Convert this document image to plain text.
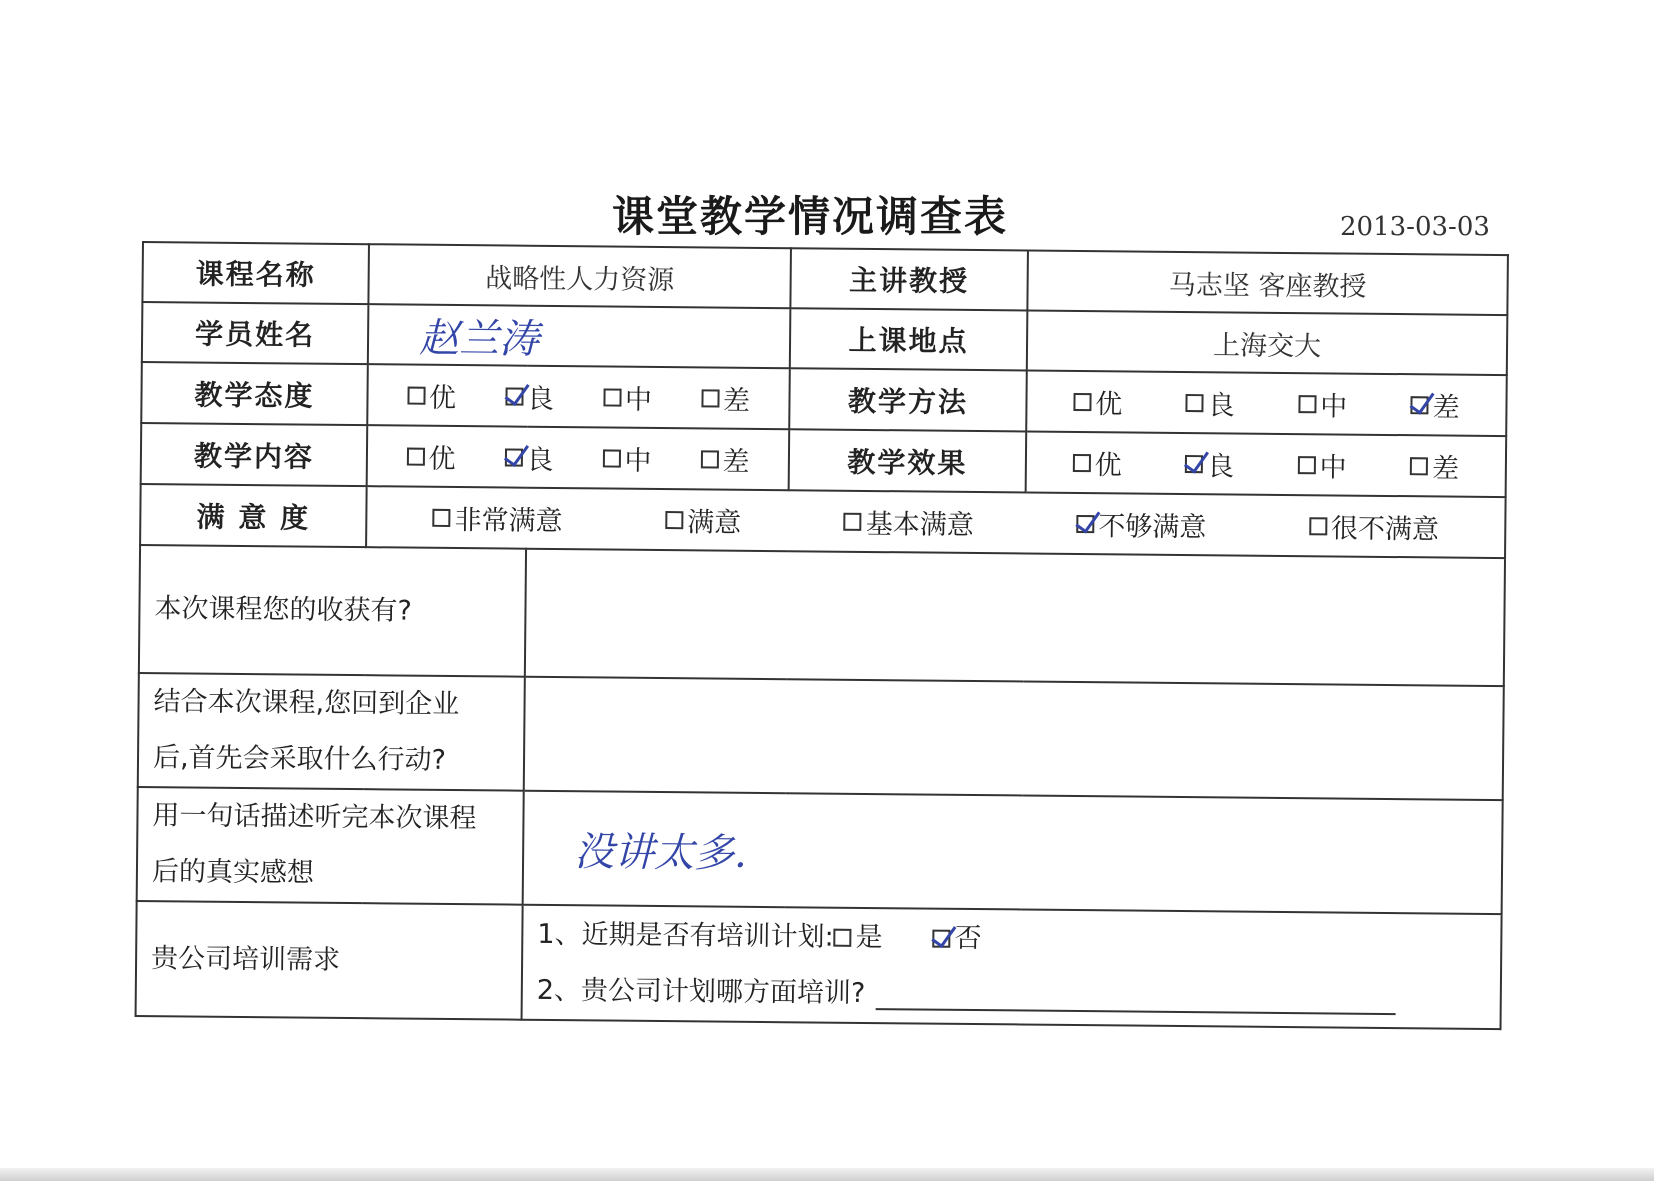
课堂教学情况调查表	2013-03-03
课程名称	战略性人力资源		主讲教授	马志坚 客座教授
学员姓名	赵兰涛		上课地点	上海交大
教学态度	优 良 中 差		教学方法	优 良 中 差

教学内容	优 良 中 差		教学效果	优 良 中 差

满 意 度	非常满意 满意 基本满意 不够满意 很不满意			

本次课程您的收获有?				

结合本次课程,您回到企业
后,首先会采取什么行动?				

用一句话描述听完本次课程
后的真实感想		没讲太多.		
贵公司培训需求		1、近期是否有培训计划: 是 否
2、贵公司计划哪方面培训?		
